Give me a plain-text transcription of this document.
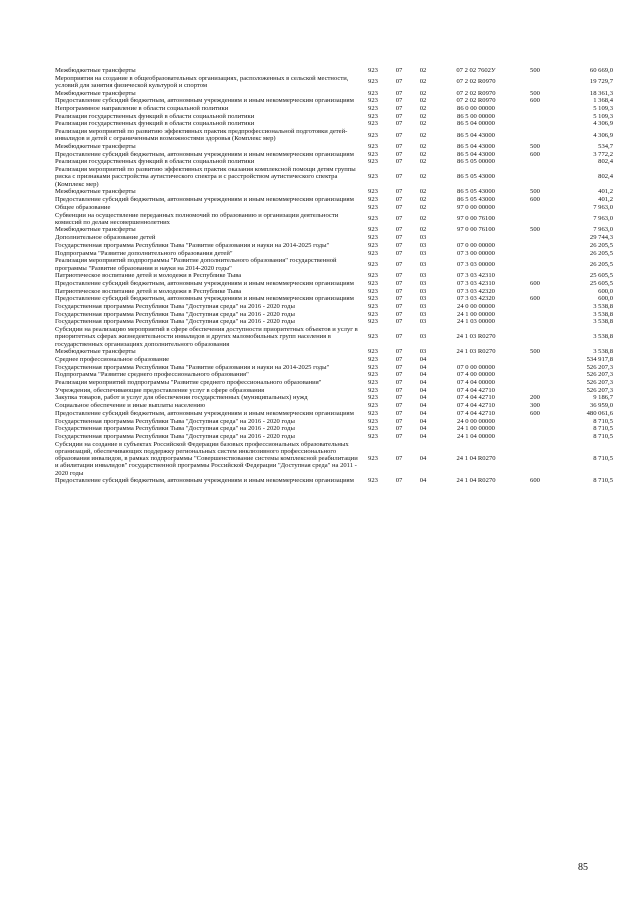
Межбюджетные трансферты	923	07	02	07 2 02 7602У	500	60 669,0
Мероприятия на создание в общеобразовательных организациях, расположенных в сельской местности, условий для занятия физической культурой и спортом	923	07	02	07 2 02 R0970		19 729,7
Межбюджетные трансферты	923	07	02	07 2 02 R0970	500	18 361,3
Предоставление субсидий бюджетным, автономным учреждениям и иным некоммерческим организациям	923	07	02	07 2 02 R0970	600	1 368,4
Непрограммное направление в области социальной политики	923	07	02	86 0 00 00000		5 109,3
Реализация государственных функций в области социальной политики	923	07	02	86 5 00 00000		5 109,3
Реализация государственных функций в области социальной политики	923	07	02	86 5 04 00000		4 306,9
Реализация мероприятий по развитию эффективных практик предпрофессиональной подготовки детей-инвалидов и детей с ограниченными возможностями здоровья (Комплекс мер)	923	07	02	86 5 04 43000		4 306,9
Межбюджетные трансферты	923	07	02	86 5 04 43000	500	534,7
Предоставление субсидий бюджетным, автономным учреждениям и иным некоммерческим организациям	923	07	02	86 5 04 43000	600	3 772,2
Реализация государственных функций в области социальной политики	923	07	02	86 5 05 00000		802,4
Реализация мероприятий по развитию эффективных практик оказания комплексной помощи детям группы риска с признаками расстройства аутистического спектра и с расстройством аутистического спектра (Комплекс мер)	923	07	02	86 5 05 43000		802,4
Межбюджетные трансферты	923	07	02	86 5 05 43000	500	401,2
Предоставление субсидий бюджетным, автономным учреждениям и иным некоммерческим организациям	923	07	02	86 5 05 43000	600	401,2
Общее образование	923	07	02	97 0 00 00000		7 963,0
Субвенции на осуществление переданных полномочий по образованию и организации деятельности комиссий по делам несовершеннолетних	923	07	02	97 0 00 76100		7 963,0
Межбюджетные трансферты	923	07	02	97 0 00 76100	500	7 963,0
Дополнительное образование детей	923	07	03			29 744,3
Государственная программа Республики Тыва "Развитие образования и науки на 2014-2025 годы"	923	07	03	07 0 00 00000		26 205,5
Подпрограмма "Развитие дополнительного образования детей"	923	07	03	07 3 00 00000		26 205,5
Реализация мероприятий подпрограммы "Развитие дополнительного образования" государственной программы "Развитие образования и науки на 2014-2020 годы"	923	07	03	07 3 03 00000		26 205,5
Патриотическое воспитание детей и молодежи в Республике Тыва	923	07	03	07 3 03 42310		25 605,5
Предоставление субсидий бюджетным, автономным учреждениям и иным некоммерческим организациям	923	07	03	07 3 03 42310	600	25 605,5
Патриотическое воспитание детей и молодежи в Республике Тыва	923	07	03	07 3 03 42320		600,0
Предоставление субсидий бюджетным, автономным учреждениям и иным некоммерческим организациям	923	07	03	07 3 03 42320	600	600,0
Государственная программа Республики Тыва "Доступная среда" на 2016 - 2020 годы	923	07	03	24 0 00 00000		3 538,8
Государственная программа Республики Тыва "Доступная среда" на 2016 - 2020 годы	923	07	03	24 1 00 00000		3 538,8
Государственная программа Республики Тыва "Доступная среда" на 2016 - 2020 годы	923	07	03	24 1 03 00000		3 538,8
Субсидии на реализацию мероприятий в сфере обеспечения доступности приоритетных объектов и услуг в приоритетных сферах жизнедеятельности инвалидов и других маломобильных групп населения в государственных организациях дополнительного образования	923	07	03	24 1 03 R0270		3 538,8
Межбюджетные трансферты	923	07	03	24 1 03 R0270	500	3 538,8
Среднее профессиональное образование	923	07	04			534 917,8
Государственная программа Республики Тыва "Развитие образования и науки на 2014-2025 годы"	923	07	04	07 0 00 00000		526 207,3
Подпрограмма "Развитие среднего профессионального образования"	923	07	04	07 4 00 00000		526 207,3
Реализация мероприятий подпрограммы "Развитие среднего профессионального образования"	923	07	04	07 4 04 00000		526 207,3
Учреждения, обеспечивающие предоставление услуг в сфере образования	923	07	04	07 4 04 42710		526 207,3
Закупка товаров, работ и услуг для обеспечения государственных (муниципальных) нужд	923	07	04	07 4 04 42710	200	9 186,7
Социальное обеспечение и иные выплаты населению	923	07	04	07 4 04 42710	300	36 959,0
Предоставление субсидий бюджетным, автономным учреждениям и иным некоммерческим организациям	923	07	04	07 4 04 42710	600	480 061,6
Государственная программа Республики Тыва "Доступная среда" на 2016 - 2020 годы	923	07	04	24 0 00 00000		8 710,5
Государственная программа Республики Тыва "Доступная среда" на 2016 - 2020 годы	923	07	04	24 1 00 00000		8 710,5
Государственная программа Республики Тыва "Доступная среда" на 2016 - 2020 годы	923	07	04	24 1 04 00000		8 710,5
Субсидии на создание в субъектах Российской Федерации базовых профессиональных образовательных организаций, обеспечивающих поддержку региональных систем инклюзивного профессионального образования инвалидов, в рамках подпрограммы "Совершенствование системы комплексной реабилитации и абилитации инвалидов" государственной программы Российской Федерации "Доступная среда" на 2011 - 2020 годы	923	07	04	24 1 04 R0270		8 710,5
Предоставление субсидий бюджетным, автономным учреждениям и иным некоммерческим организациям	923	07	04	24 1 04 R0270	600	8 710,5
85
